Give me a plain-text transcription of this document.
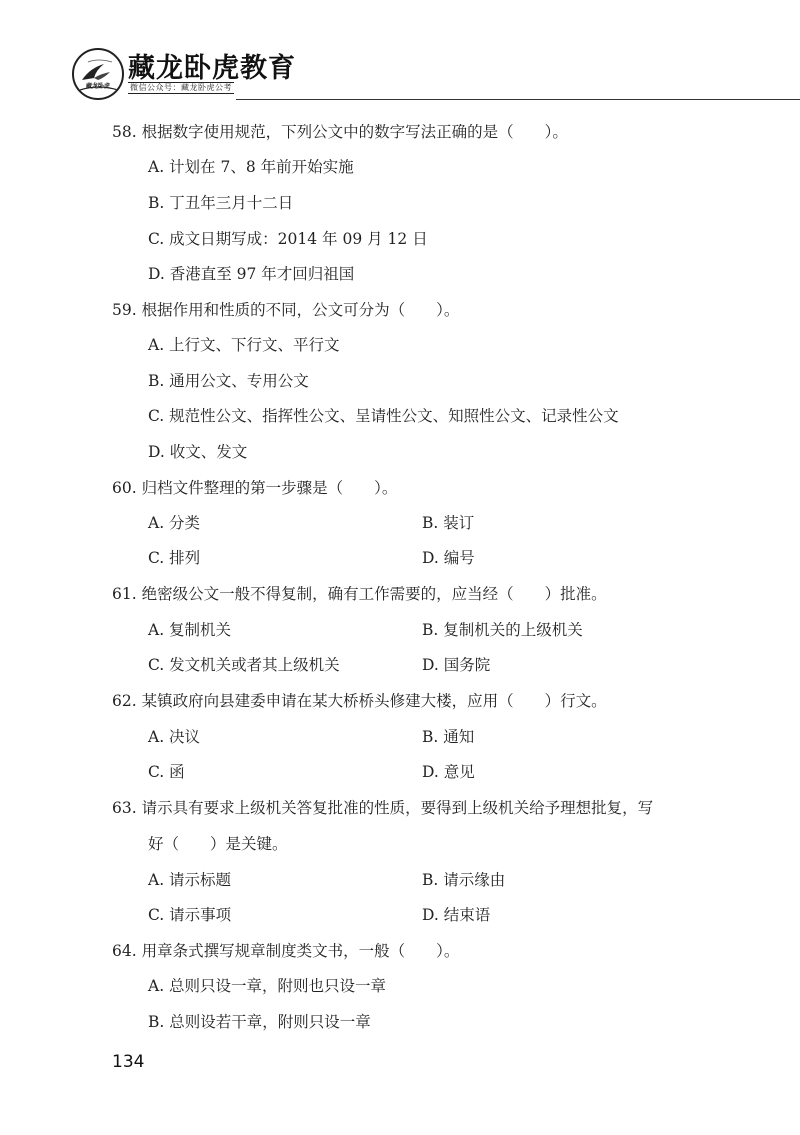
藏龙卧虎
藏龙卧虎教育
微信公众号：藏龙卧虎公考
58. 根据数字使用规范，下列公文中的数字写法正确的是（　　）。
A. 计划在 7、8 年前开始实施
B. 丁丑年三月十二日
C. 成文日期写成：2014 年 09 月 12 日
D. 香港直至 97 年才回归祖国
59. 根据作用和性质的不同，公文可分为（　　）。
A. 上行文、下行文、平行文
B. 通用公文、专用公文
C. 规范性公文、指挥性公文、呈请性公文、知照性公文、记录性公文
D. 收文、发文
60. 归档文件整理的第一步骤是（　　）。
A. 分类	B. 装订
C. 排列	D. 编号
61. 绝密级公文一般不得复制，确有工作需要的，应当经（　　）批准。
A. 复制机关	B. 复制机关的上级机关
C. 发文机关或者其上级机关	D. 国务院
62. 某镇政府向县建委申请在某大桥桥头修建大楼，应用（　　）行文。
A. 决议	B. 通知
C. 函	D. 意见
63. 请示具有要求上级机关答复批准的性质，要得到上级机关给予理想批复，写
好（　　）是关键。
A. 请示标题	B. 请示缘由
C. 请示事项	D. 结束语
64. 用章条式撰写规章制度类文书，一般（　　）。
A. 总则只设一章，附则也只设一章
B. 总则设若干章，附则只设一章
134
